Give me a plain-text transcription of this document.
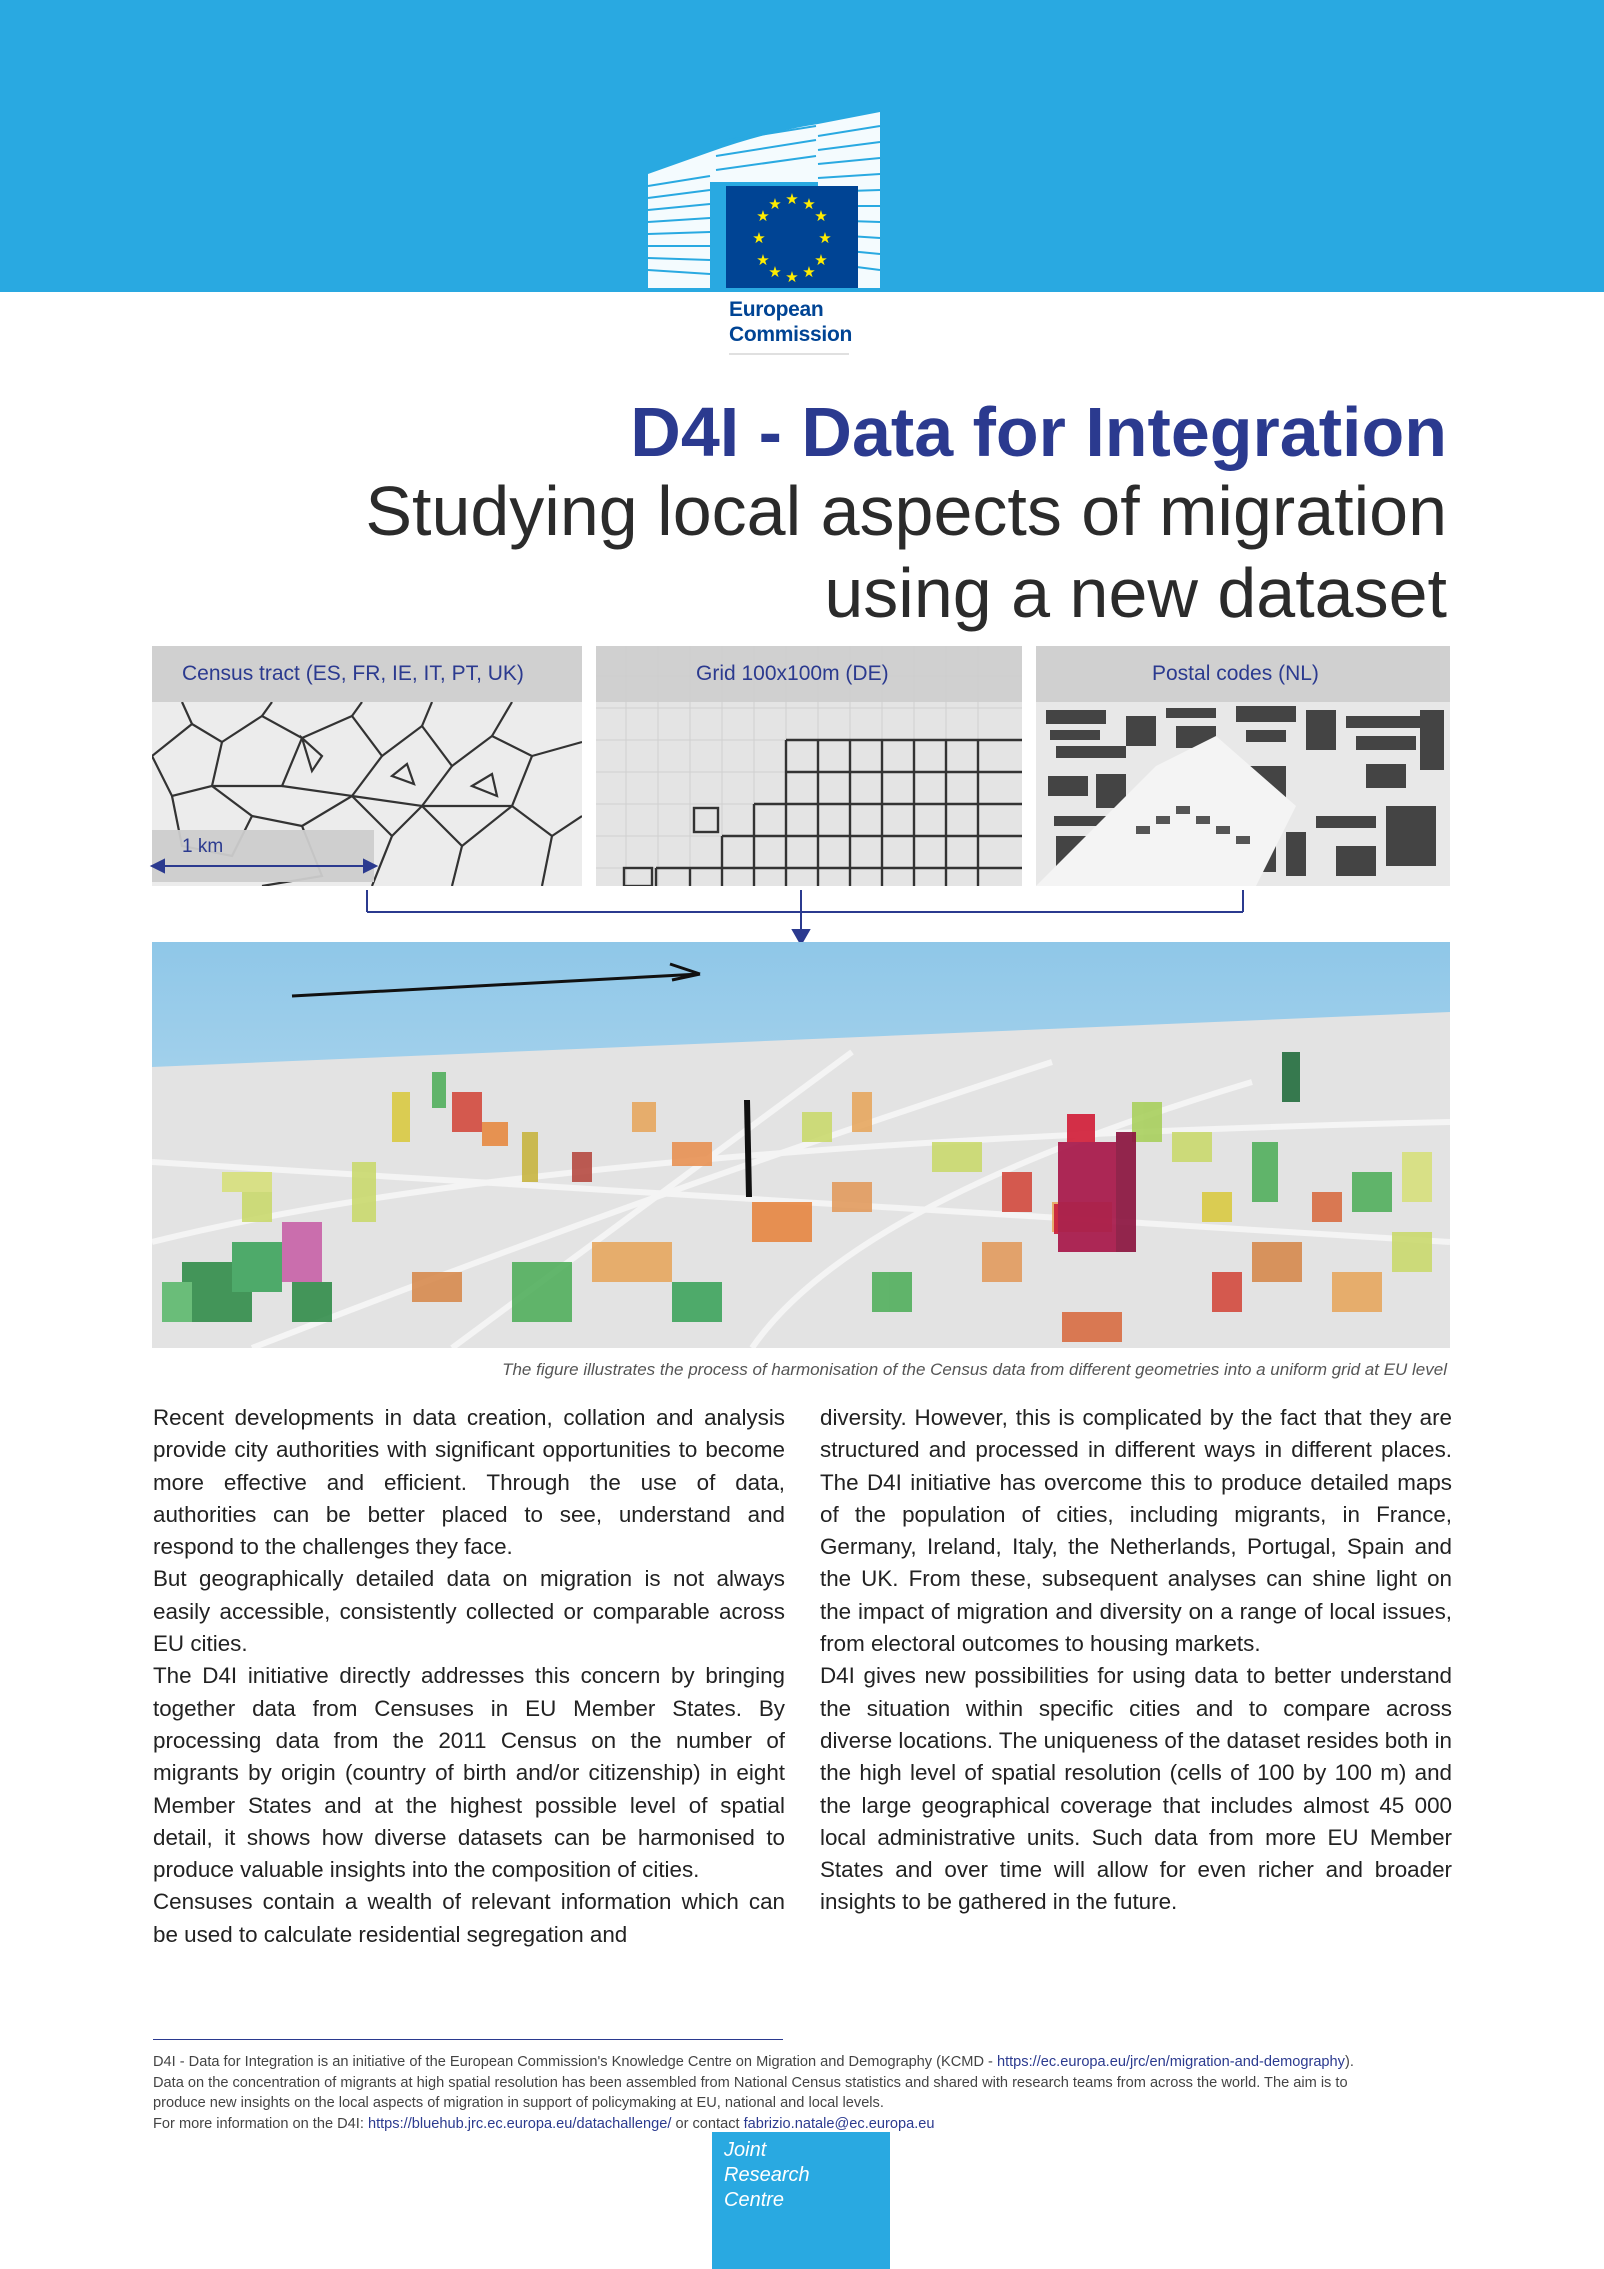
★ ★
★
★
★
★
★
★
★
★
★
★
European
Commission
D4I - Data for Integration
Studying local aspects of migration
using a new dataset
Census tract (ES, FR, IE, IT, PT, UK)	Grid 100x100m (DE)	Postal codes (NL)
1 km
The figure illustrates the process of harmonisation of the Census data from different geometries into a uniform grid at EU level

Recent developments in data creation, collation and analysis provide city authorities with significant opportunities to become more effective and efficient. Through the use of data, authorities can be better placed to see, understand and respond to the challenges they face.

But geographically detailed data on migration is not always easily accessible, consistently collected or comparable across EU cities.

The D4I initiative directly addresses this concern by bringing together data from Censuses in EU Member States. By processing data from the 2011 Census on the number of migrants by origin (country of birth and/or citizenship) in eight Member States and at the highest possible level of spatial detail, it shows how diverse datasets can be harmonised to produce valuable insights into the composition of cities.

Censuses contain a wealth of relevant information which can be used to calculate residential segregation and

diversity. However, this is complicated by the fact that they are structured and processed in different ways in different places. The D4I initiative has overcome this to produce detailed maps of the population of cities, including migrants, in France, Germany, Ireland, Italy, the Netherlands, Portugal, Spain and the UK. From these, subsequent analyses can shine light on the impact of migration and diversity on a range of local issues, from electoral outcomes to housing markets.

D4I gives new possibilities for using data to better understand the situation within specific cities and to compare across diverse locations. The uniqueness of the dataset resides both in the high level of spatial resolution (cells of 100 by 100 m) and the large geographical coverage that includes almost 45 000 local administrative units. Such data from more EU Member States and over time will allow for even richer and broader insights to be gathered in the future.

D4I - Data for Integration is an initiative of the European Commission's Knowledge Centre on Migration and Demography (KCMD - https://ec.europa.eu/jrc/en/migration-and-demography).

Data on the concentration of migrants at high spatial resolution has been assembled from National Census statistics and shared with research teams from across the world. The aim is to

produce new insights on the local aspects of migration in support of policymaking at EU, national and local levels.

For more information on the D4I: https://bluehub.jrc.ec.europa.eu/datachallenge/ or contact fabrizio.natale@ec.europa.eu

Joint
Research
Centre
